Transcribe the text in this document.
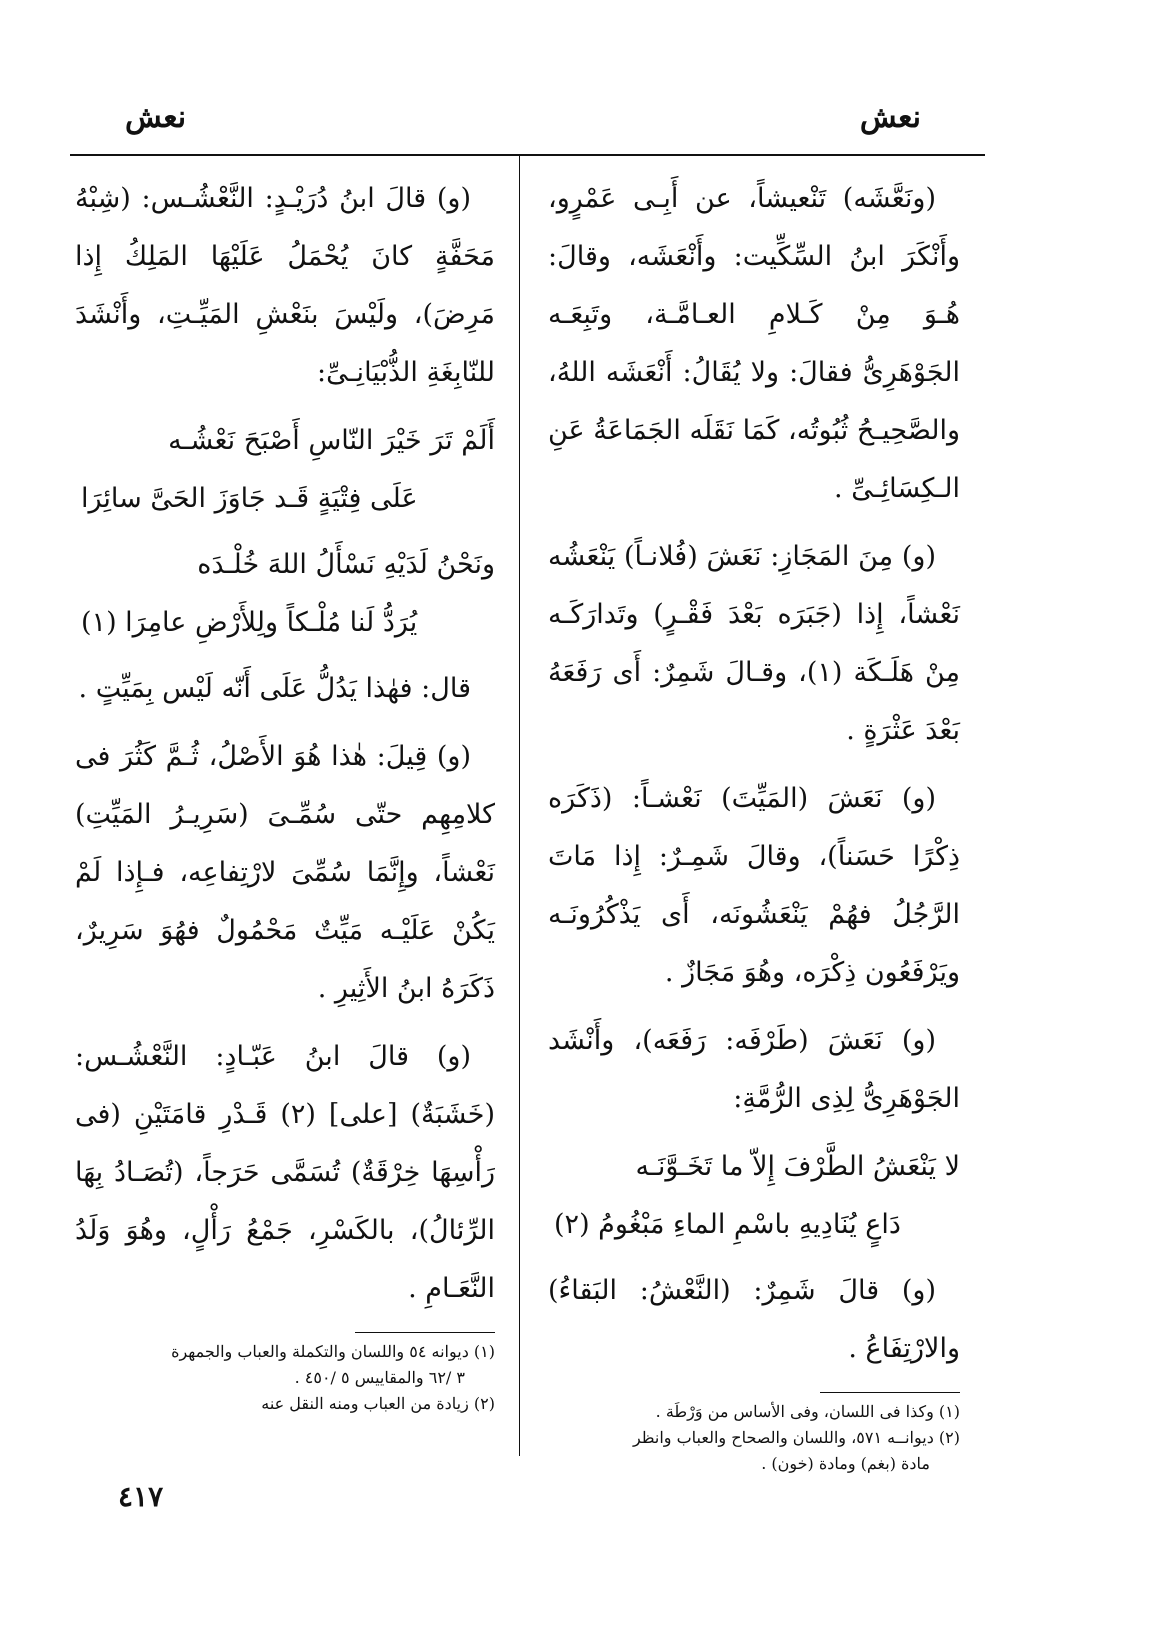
نعش
نعش

(ونَعَّشَه) تَنْعيشاً، عن أَبِـى عَمْرٍو، وأَنْكَرَ ابنُ السِّكِّيت: وأَنْعَشَه، وقالَ: هُـوَ مِنْ كَـلامِ العـامَّـة، وتَبِعَـه الجَوْهَرِىُّ فقالَ: ولا يُقَالُ: أَنْعَشَه اللهُ، والصَّحِيـحُ ثُبُوتُه، كَمَا نَقَلَه الجَمَاعَةُ عَنِ الـكِسَائِـىِّ .

(و) مِنَ المَجَازِ: نَعَشَ (فُلانـاً) يَنْعَشُه نَعْشاً، إِذا (جَبَرَه بَعْدَ فَقْـرٍ) وتَدارَكَـه مِنْ هَلَـكَة (١)، وقـالَ شَمِرٌ: أَى رَفَعَهُ بَعْدَ عَثْرَةٍ .

(و) نَعَشَ (المَيِّتَ) نَعْشـاً: (ذَكَرَه ذِكْرًا حَسَناً)، وقالَ شَمِـرٌ: إِذا مَاتَ الرَّجُلُ فهُمْ يَنْعَشُونَه، أَى يَذْكُرُونَـه ويَرْفَعُون ذِكْرَه، وهُوَ مَجَازٌ .

(و) نَعَشَ (طَرْفَه: رَفَعَه)، وأَنْشَد الجَوْهَرِىُّ لِذِى الرُّمَّةِ:

لا يَنْعَشُ الطَّرْفَ إِلاّ ما تَخَـوَّنَـه
دَاعٍ يُنَادِيهِ باسْمِ الماءِ مَبْغُومُ (٢)

(و) قالَ شَمِرٌ: (النَّعْشُ: البَقاءُ) والارْتِفَاعُ .

(١) وكذا فى اللسان، وفى الأساس من وَرْطَة .

(٢) ديوانــه ٥٧١، واللسان والصحاح والعباب وانظر

مادة (بغم) ومادة (خون) .

(و) قالَ ابنُ دُرَيْـدٍ: النَّعْشُـس: (شِبْهُ مَحَفَّةٍ كانَ يُحْمَلُ عَلَيْهَا المَلِكُ إِذا مَرِضَ)، ولَيْسَ بنَعْشِ المَيِّـتِ، وأَنْشَدَ للنّابِغَةِ الذُّبْيَانِـىِّ:

أَلَمْ تَرَ خَيْرَ النّاسِ أَصْبَحَ نَعْشُـه
عَلَى فِتْيَةٍ قَـد جَاوَزَ الحَىَّ سائِرَا
ونَحْنُ لَدَيْهِ نَسْأَلُ اللهَ خُلْـدَه
يُرَدُّ لَنا مُلْـكاً ولِلأَرْضِ عامِرَا (١)

قال: فهٰذا يَدُلُّ عَلَى أَنّه لَيْس بِمَيِّتٍ .

(و) قِيلَ: هٰذا هُوَ الأَصْلُ، ثُـمَّ كَثُرَ فى كلامِهِم حتّى سُمِّـىَ (سَرِيـرُ المَيِّتِ) نَعْشاً، وإِنَّمَا سُمِّىَ لارْتِفاعِه، فـإِذا لَمْ يَكُنْ عَلَيْـه مَيِّتٌ مَحْمُولٌ فهُوَ سَرِيرٌ، ذَكَرَهُ ابنُ الأَثِيرِ .

(و) قالَ ابنُ عَبّـادٍ: النَّعْشُـس: (خَشَبَةٌ) [على] (٢) قَـدْرِ قامَتَيْنِ (فى رَأْسِهَا خِرْقَةٌ) تُسَمَّى حَرَجاً، (تُصَـادُ بِهَا الرِّئالُ)، بالكَسْرِ، جَمْعُ رَأْلٍ، وهُوَ وَلَدُ النَّعَـامِ .

(١) ديوانه ٥٤ واللسان والتكملة والعباب والجمهرة

٣ /٦٢ والمقاييس ٥ /٤٥٠ .

(٢) زيادة من العباب ومنه النقل عنه

٤١٧
